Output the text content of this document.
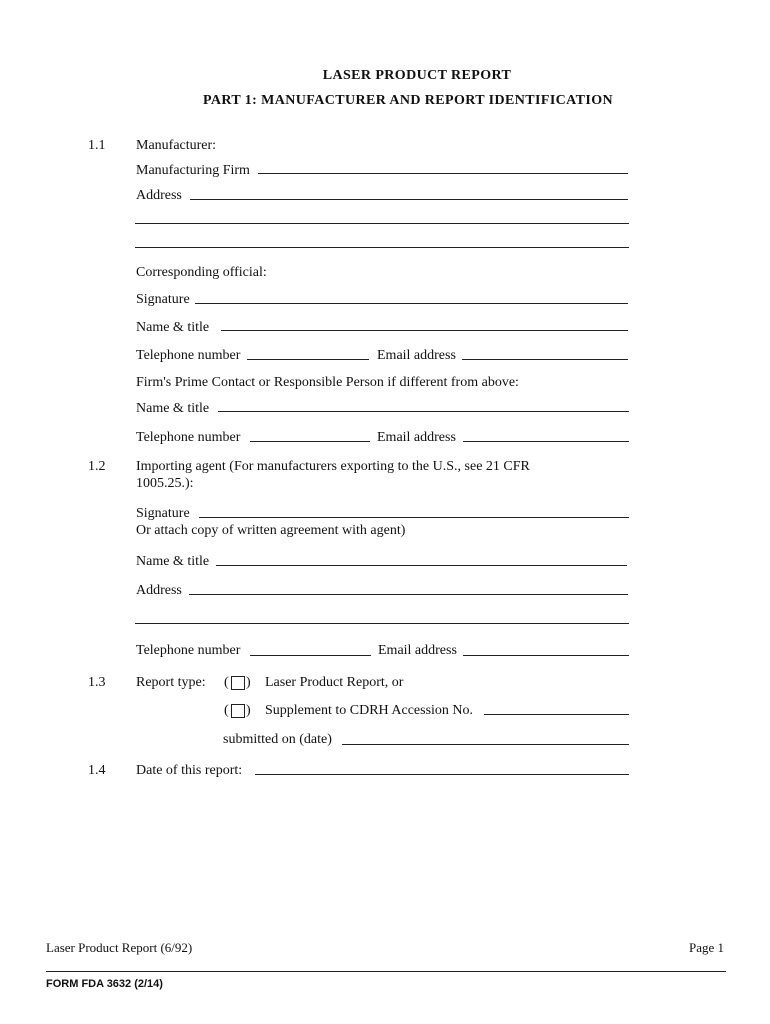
LASER PRODUCT REPORT
PART 1: MANUFACTURER AND REPORT IDENTIFICATION
1.1 Manufacturer:
Manufacturing Firm
Address
Corresponding official:
Signature
Name & title
Telephone number	Email address
Firm's Prime Contact or Responsible Person if different from above:
Name & title
Telephone number	Email address
1.2 Importing agent (For manufacturers exporting to the U.S., see 21 CFR
1005.25.):
Signature
Or attach copy of written agreement with agent)
Name & title
Address
Telephone number	Email address
1.3 Report type: ( ) Laser Product Report, or
( ) Supplement to CDRH Accession No.
submitted on (date)
1.4 Date of this report:
Laser Product Report (6/92)	Page 1
FORM FDA 3632 (2/14)
